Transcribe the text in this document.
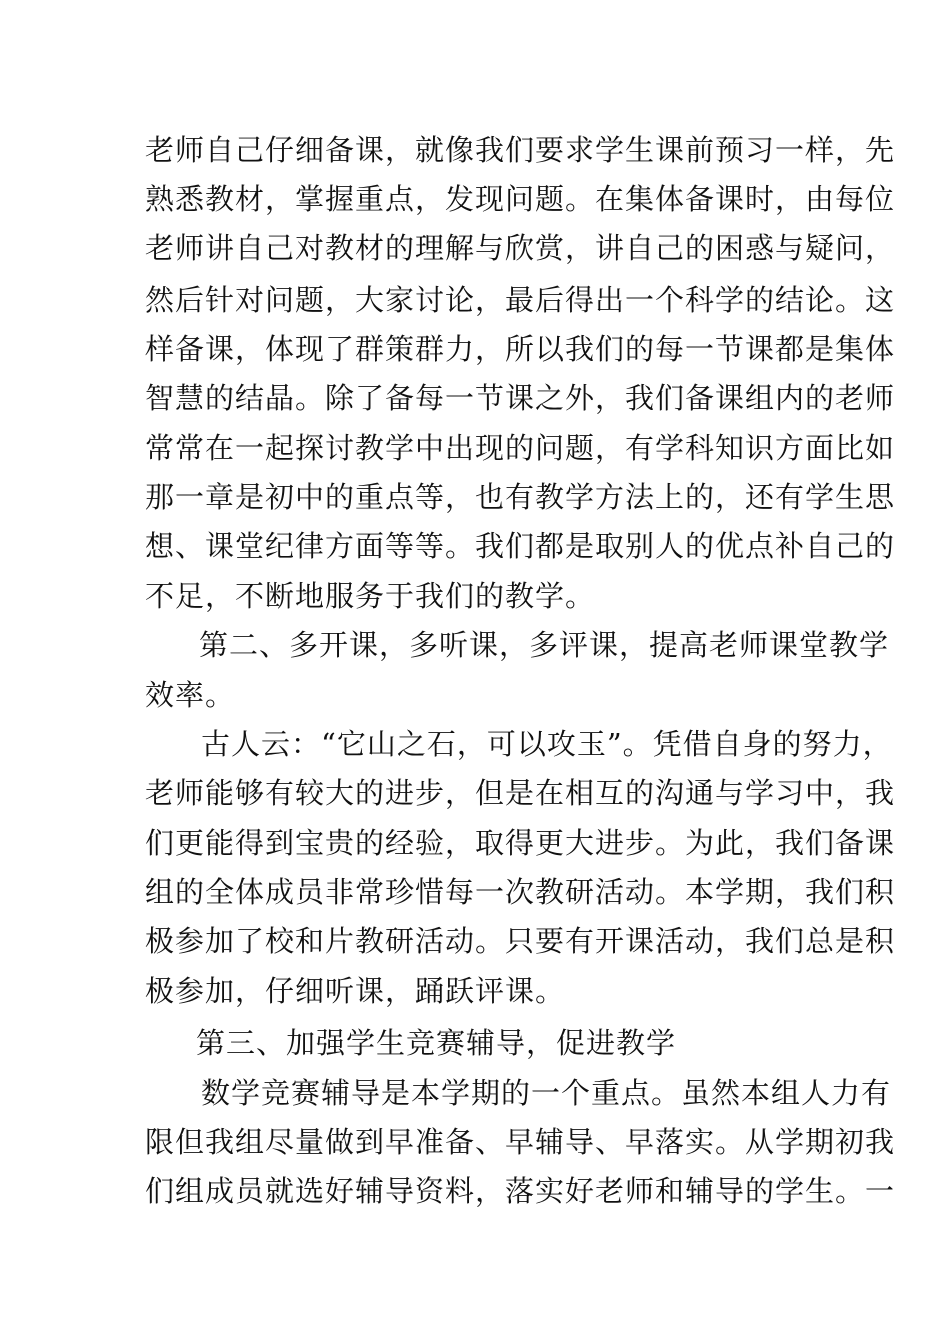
老师自己仔细备课，就像我们要求学生课前预习一样，先
熟悉教材，掌握重点，发现问题。在集体备课时，由每位
老师讲自己对教材的理解与欣赏，讲自己的困惑与疑问，
然后针对问题，大家讨论，最后得出一个科学的结论。这
样备课，体现了群策群力，所以我们的每一节课都是集体
智慧的结晶。除了备每一节课之外，我们备课组内的老师
常常在一起探讨教学中出现的问题，有学科知识方面比如
那一章是初中的重点等，也有教学方法上的，还有学生思
想、课堂纪律方面等等。我们都是取别人的优点补自己的
不足，不断地服务于我们的教学。
第二、多开课，多听课，多评课，提高老师课堂教学
效率。
古人云：“它山之石，可以攻玉”。凭借自身的努力，
老师能够有较大的进步，但是在相互的沟通与学习中，我
们更能得到宝贵的经验，取得更大进步。为此，我们备课
组的全体成员非常珍惜每一次教研活动。本学期，我们积
极参加了校和片教研活动。只要有开课活动，我们总是积
极参加，仔细听课，踊跃评课。
第三、加强学生竞赛辅导，促进教学
数学竞赛辅导是本学期的一个重点。虽然本组人力有
限但我组尽量做到早准备、早辅导、早落实。从学期初我
们组成员就选好辅导资料，落实好老师和辅导的学生。一
